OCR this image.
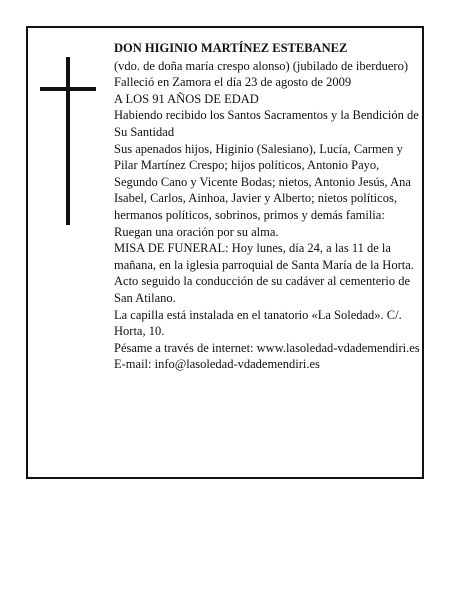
DON HIGINIO MARTÍNEZ ESTEBANEZ

(vdo. de doña maría crespo alonso) (jubilado de iberduero)

Falleció en Zamora el día 23 de agosto de 2009

A LOS 91 AÑOS DE EDAD

Habiendo recibido los Santos Sacramentos y la Bendición de Su Santidad

Sus apenados hijos, Higinio (Salesiano), Lucía, Carmen y Pilar Martínez Crespo; hijos políticos, Antonio Payo, Segundo Cano y Vicente Bodas; nietos, Antonio Jesús, Ana Isabel, Carlos, Ainhoa, Javier y Alberto; nietos políticos, hermanos políticos, sobrinos, primos y demás familia:

Ruegan una oración por su alma.

MISA DE FUNERAL: Hoy lunes, día 24, a las 11 de la mañana, en la iglesia parroquial de Santa María de la Horta. Acto seguido la conducción de su cadáver al cementerio de San Atilano.

La capilla está instalada en el tanatorio «La Soledad». C/. Horta, 10.

Pésame a través de internet: www.lasoledad-vdademendiri.es

E-mail: info@lasoledad-vdademendiri.es
